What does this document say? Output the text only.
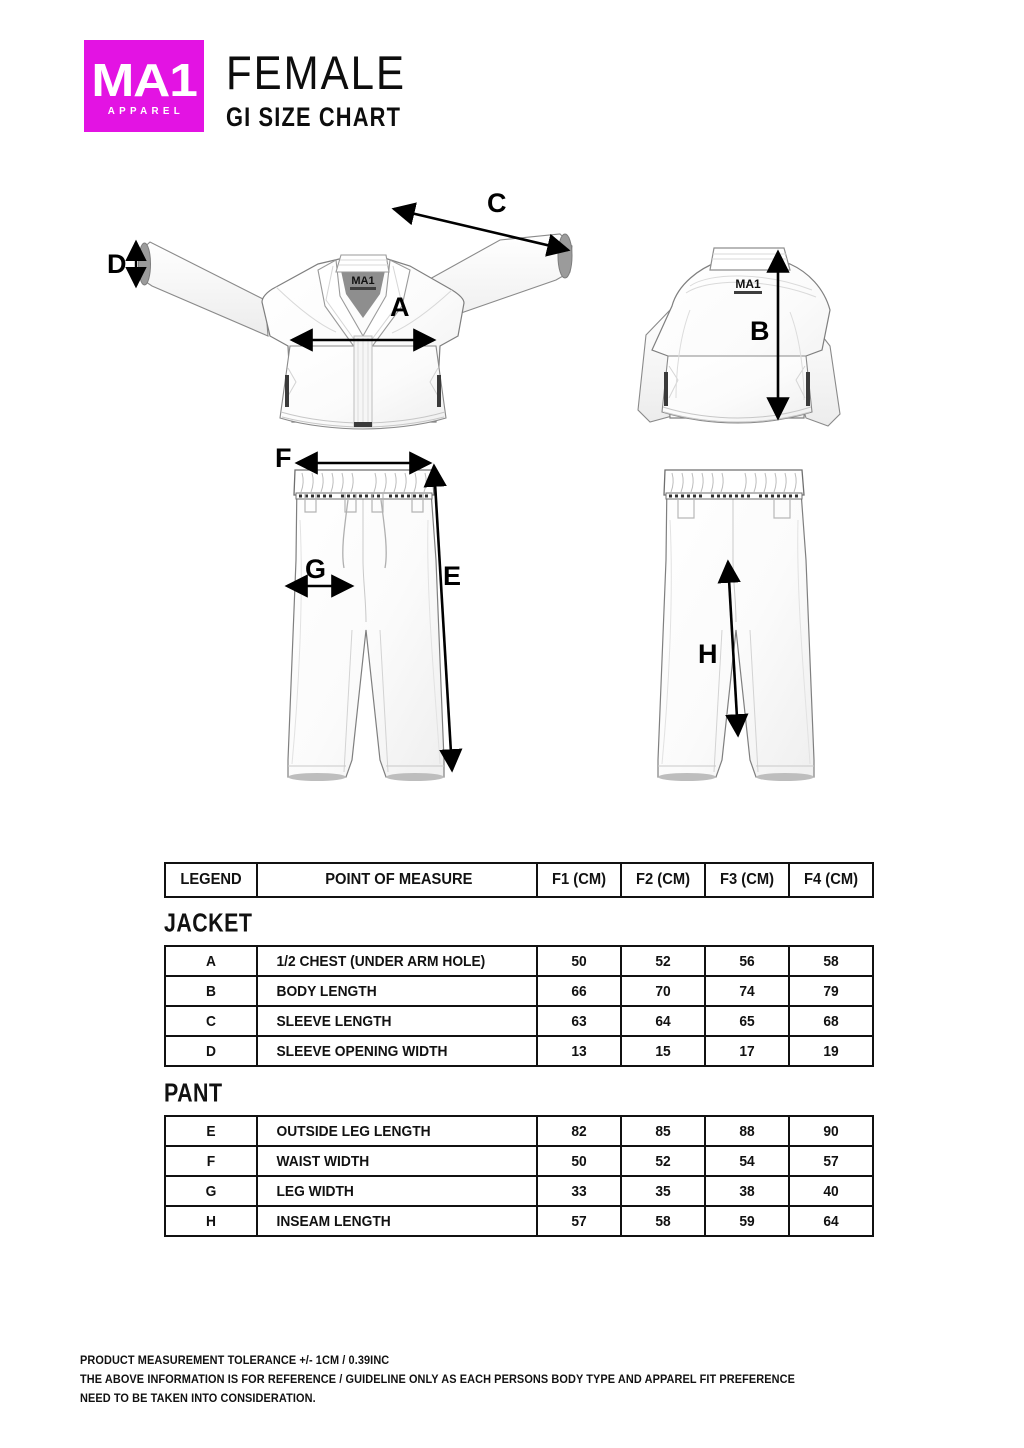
MA1
APPAREL
FEMALE
GI SIZE CHART
MA1
D
C
A
MA1
B
F
E
G
H
LEGEND	POINT OF MEASURE	F1 (CM)	F2 (CM)	F3 (CM)	F4 (CM)
JACKET
A	1/2 CHEST (UNDER ARM HOLE)	50	52	56	58
B	BODY LENGTH	66	70	74	79
C	SLEEVE LENGTH	63	64	65	68
D	SLEEVE OPENING WIDTH	13	15	17	19
PANT
E	OUTSIDE LEG LENGTH	82	85	88	90
F	WAIST WIDTH	50	52	54	57
G	LEG WIDTH	33	35	38	40
H	INSEAM LENGTH	57	58	59	64
PRODUCT MEASUREMENT TOLERANCE +/- 1CM / 0.39INC
THE ABOVE INFORMATION IS FOR REFERENCE / GUIDELINE ONLY AS EACH PERSONS BODY TYPE AND APPAREL FIT PREFERENCE
NEED TO BE TAKEN INTO CONSIDERATION.
